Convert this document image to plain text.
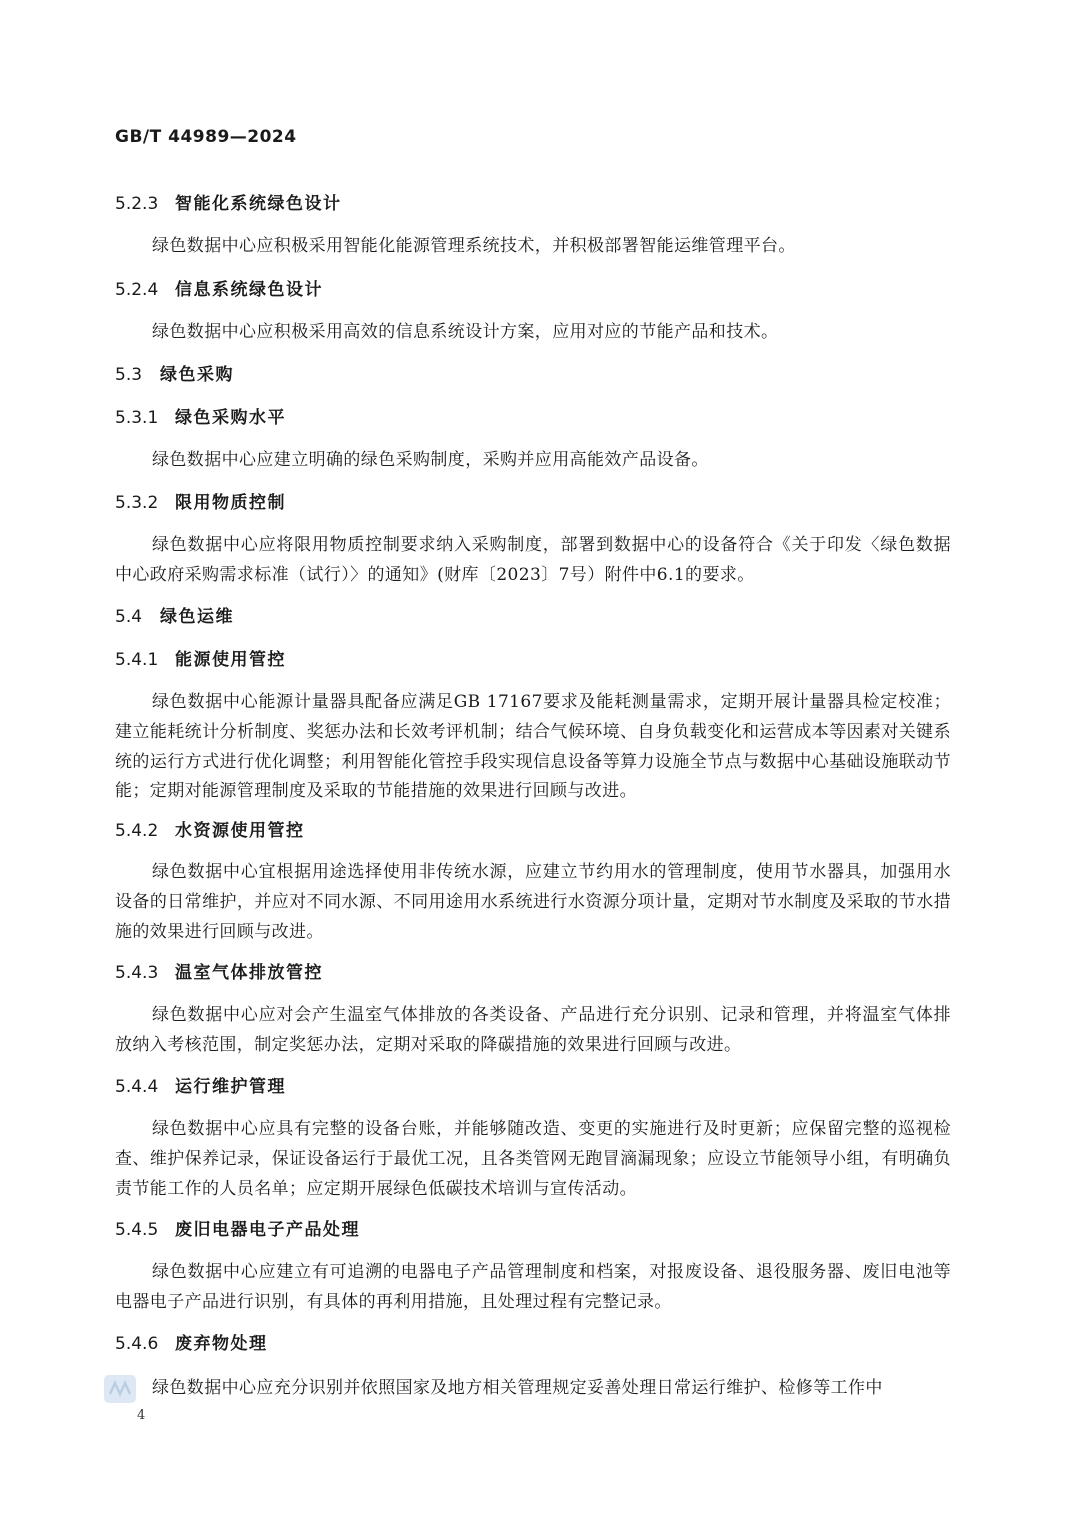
GB/T 44989—2024
5.2.3 智能化系统绿色设计
绿色数据中心应积极采用智能化能源管理系统技术，并积极部署智能运维管理平台。
5.2.4 信息系统绿色设计
绿色数据中心应积极采用高效的信息系统设计方案，应用对应的节能产品和技术。
5.3 绿色采购
5.3.1 绿色采购水平
绿色数据中心应建立明确的绿色采购制度，采购并应用高能效产品设备。
5.3.2 限用物质控制
绿色数据中心应将限用物质控制要求纳入采购制度，部署到数据中心的设备符合《关于印发〈绿色数据中心政府采购需求标准（试行）〉的通知》(财库〔2023〕7号）附件中6.1的要求。
5.4 绿色运维
5.4.1 能源使用管控
绿色数据中心能源计量器具配备应满足GB 17167要求及能耗测量需求，定期开展计量器具检定校准；建立能耗统计分析制度、奖惩办法和长效考评机制；结合气候环境、自身负载变化和运营成本等因素对关键系统的运行方式进行优化调整；利用智能化管控手段实现信息设备等算力设施全节点与数据中心基础设施联动节能；定期对能源管理制度及采取的节能措施的效果进行回顾与改进。
5.4.2 水资源使用管控
绿色数据中心宜根据用途选择使用非传统水源，应建立节约用水的管理制度，使用节水器具，加强用水设备的日常维护，并应对不同水源、不同用途用水系统进行水资源分项计量，定期对节水制度及采取的节水措施的效果进行回顾与改进。
5.4.3 温室气体排放管控
绿色数据中心应对会产生温室气体排放的各类设备、产品进行充分识别、记录和管理，并将温室气体排放纳入考核范围，制定奖惩办法，定期对采取的降碳措施的效果进行回顾与改进。
5.4.4 运行维护管理
绿色数据中心应具有完整的设备台账，并能够随改造、变更的实施进行及时更新；应保留完整的巡视检查、维护保养记录，保证设备运行于最优工况，且各类管网无跑冒滴漏现象；应设立节能领导小组，有明确负责节能工作的人员名单；应定期开展绿色低碳技术培训与宣传活动。
5.4.5 废旧电器电子产品处理
绿色数据中心应建立有可追溯的电器电子产品管理制度和档案，对报废设备、退役服务器、废旧电池等电器电子产品进行识别，有具体的再利用措施，且处理过程有完整记录。
5.4.6 废弃物处理
绿色数据中心应充分识别并依照国家及地方相关管理规定妥善处理日常运行维护、检修等工作中
4
